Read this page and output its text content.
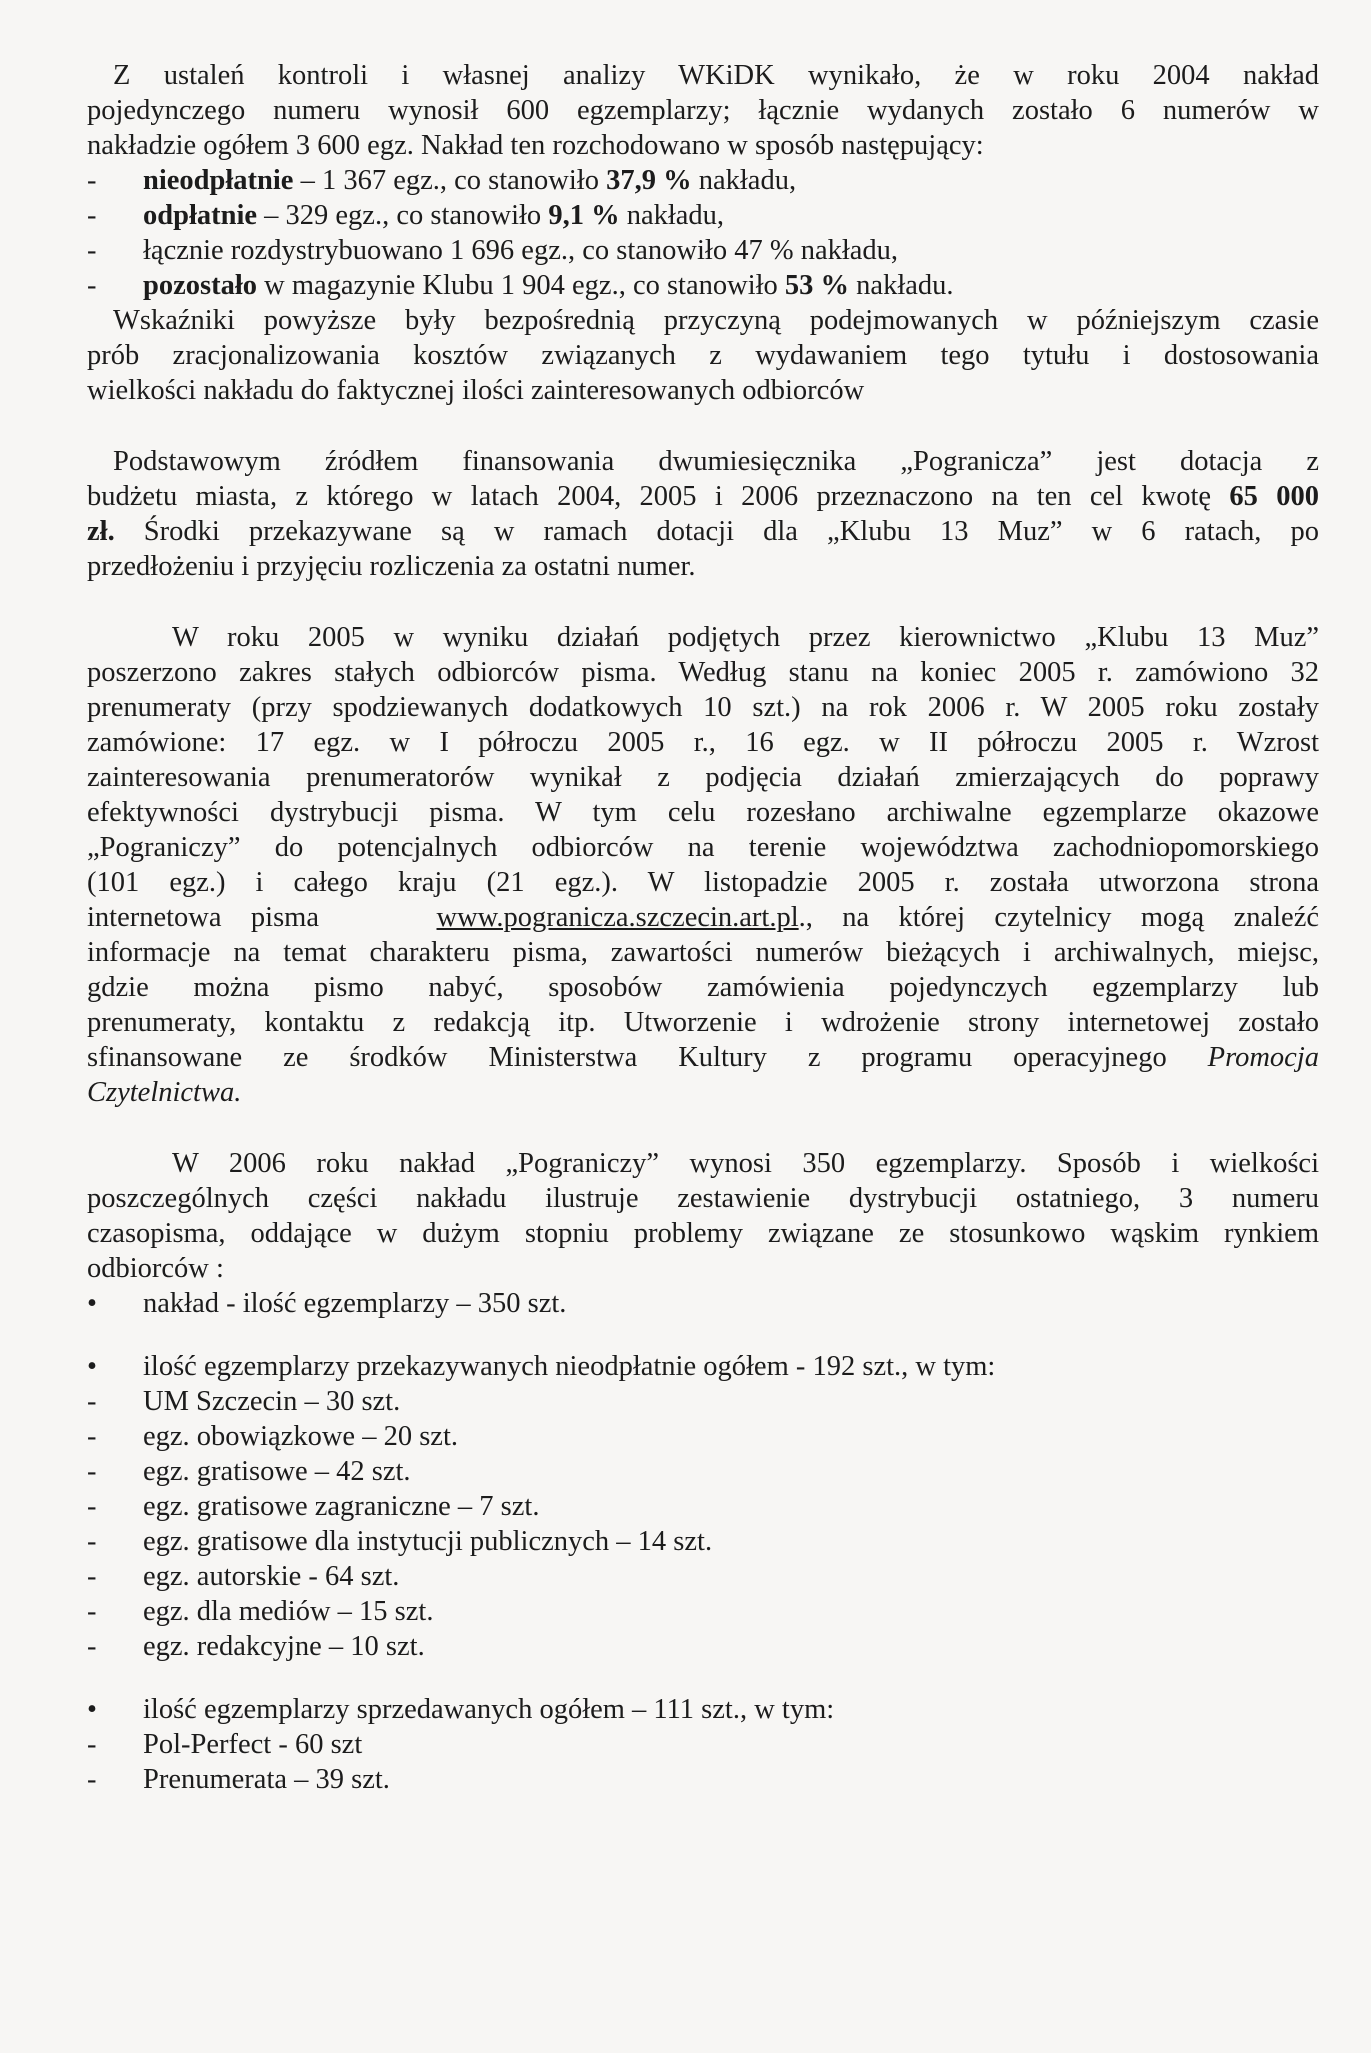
Z ustaleń kontroli i własnej analizy WKiDK wynikało, że w roku 2004 nakład
pojedynczego numeru wynosił 600 egzemplarzy; łącznie wydanych zostało 6 numerów w
nakładzie ogółem 3 600 egz. Nakład ten rozchodowano w sposób następujący:
-	nieodpłatnie – 1 367 egz., co stanowiło 37,9 % nakładu,
-	odpłatnie – 329 egz., co stanowiło 9,1 % nakładu,
-	łącznie rozdystrybuowano 1 696 egz., co stanowiło 47 % nakładu,
-	pozostało w magazynie Klubu 1 904 egz., co stanowiło 53 % nakładu.
Wskaźniki powyższe były bezpośrednią przyczyną podejmowanych w późniejszym czasie
prób zracjonalizowania kosztów związanych z wydawaniem tego tytułu i dostosowania
wielkości nakładu do faktycznej ilości zainteresowanych odbiorców
Podstawowym źródłem finansowania dwumiesięcznika „Pogranicza” jest dotacja z
budżetu miasta, z którego w latach 2004, 2005 i 2006 przeznaczono na ten cel kwotę 65 000
zł. Środki przekazywane są w ramach dotacji dla „Klubu 13 Muz” w 6 ratach, po
przedłożeniu i przyjęciu rozliczenia za ostatni numer.
W roku 2005 w wyniku działań podjętych przez kierownictwo „Klubu 13 Muz”
poszerzono zakres stałych odbiorców pisma. Według stanu na koniec 2005 r. zamówiono 32
prenumeraty (przy spodziewanych dodatkowych 10 szt.) na rok 2006 r. W 2005 roku zostały
zamówione: 17 egz. w I półroczu 2005 r., 16 egz. w II półroczu 2005 r. Wzrost
zainteresowania prenumeratorów wynikał z podjęcia działań zmierzających do poprawy
efektywności dystrybucji pisma. W tym celu rozesłano archiwalne egzemplarze okazowe
„Pograniczy” do potencjalnych odbiorców na terenie województwa zachodniopomorskiego
(101 egz.) i całego kraju (21 egz.). W listopadzie 2005 r. została utworzona strona
internetowa pisma	www.pogranicza.szczecin.art.pl., na której czytelnicy mogą znaleźć
informacje na temat charakteru pisma, zawartości numerów bieżących i archiwalnych, miejsc,
gdzie można pismo nabyć, sposobów zamówienia pojedynczych egzemplarzy lub
prenumeraty, kontaktu z redakcją itp. Utworzenie i wdrożenie strony internetowej zostało
sfinansowane ze środków Ministerstwa Kultury z programu operacyjnego Promocja
Czytelnictwa.
W 2006 roku nakład „Pograniczy” wynosi 350 egzemplarzy. Sposób i wielkości
poszczególnych części nakładu ilustruje zestawienie dystrybucji ostatniego, 3 numeru
czasopisma, oddające w dużym stopniu problemy związane ze stosunkowo wąskim rynkiem
odbiorców :
•	nakład - ilość egzemplarzy – 350 szt.
•	ilość egzemplarzy przekazywanych nieodpłatnie ogółem - 192 szt., w tym:
-	UM Szczecin – 30 szt.
-	egz. obowiązkowe – 20 szt.
-	egz. gratisowe – 42 szt.
-	egz. gratisowe zagraniczne – 7 szt.
-	egz. gratisowe dla instytucji publicznych – 14 szt.
-	egz. autorskie - 64 szt.
-	egz. dla mediów – 15 szt.
-	egz. redakcyjne – 10 szt.
•	ilość egzemplarzy sprzedawanych ogółem – 111 szt., w tym:
-	Pol-Perfect - 60 szt
-	Prenumerata – 39 szt.
